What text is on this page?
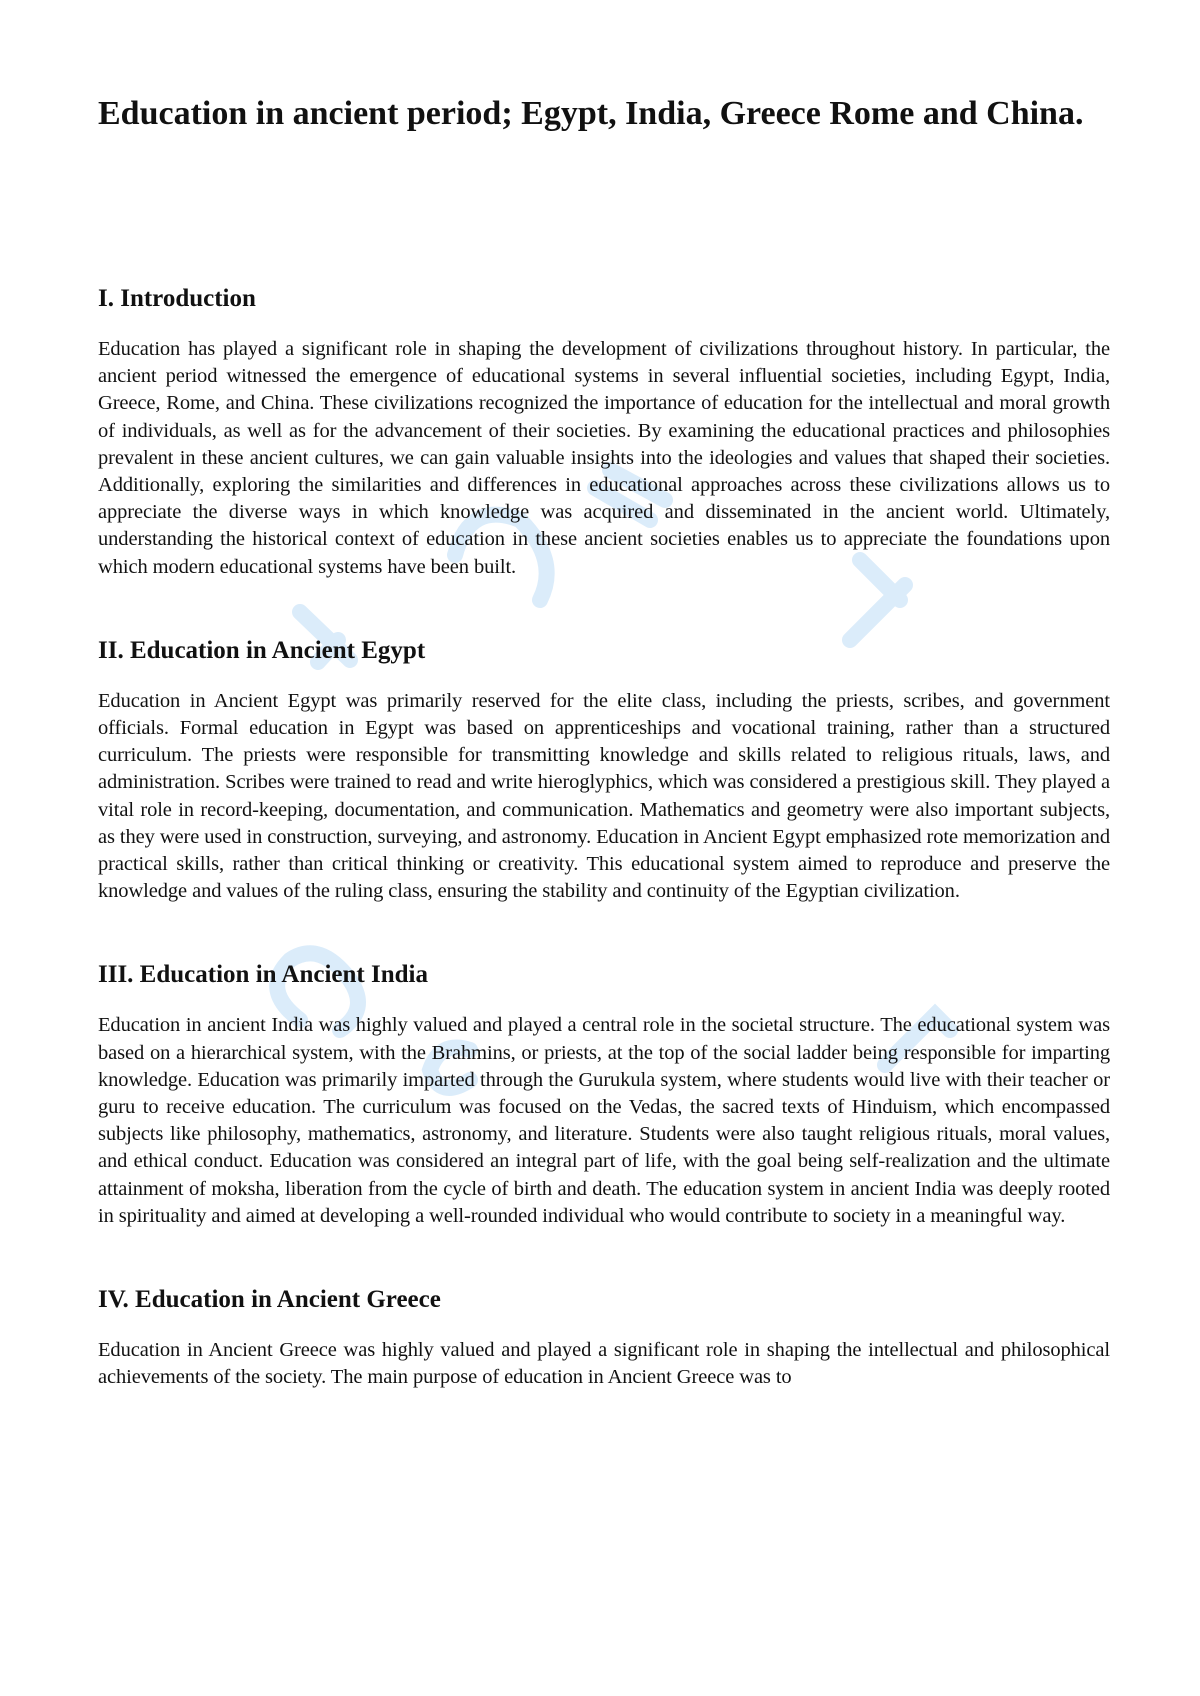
Education in ancient period; Egypt, India, Greece Rome and China.
I. Introduction

Education has played a significant role in shaping the development of civilizations throughout history. In particular, the ancient period witnessed the emergence of educational systems in several influential societies, including Egypt, India, Greece, Rome, and China. These civilizations recognized the importance of education for the intellectual and moral growth of individuals, as well as for the advancement of their societies. By examining the educational practices and philosophies prevalent in these ancient cultures, we can gain valuable insights into the ideologies and values that shaped their societies. Additionally, exploring the similarities and differences in educational approaches across these civilizations allows us to appreciate the diverse ways in which knowledge was acquired and disseminated in the ancient world. Ultimately, understanding the historical context of education in these ancient societies enables us to appreciate the foundations upon which modern educational systems have been built.

II. Education in Ancient Egypt

Education in Ancient Egypt was primarily reserved for the elite class, including the priests, scribes, and government officials. Formal education in Egypt was based on apprenticeships and vocational training, rather than a structured curriculum. The priests were responsible for transmitting knowledge and skills related to religious rituals, laws, and administration. Scribes were trained to read and write hieroglyphics, which was considered a prestigious skill. They played a vital role in record-keeping, documentation, and communication. Mathematics and geometry were also important subjects, as they were used in construction, surveying, and astronomy. Education in Ancient Egypt emphasized rote memorization and practical skills, rather than critical thinking or creativity. This educational system aimed to reproduce and preserve the knowledge and values of the ruling class, ensuring the stability and continuity of the Egyptian civilization.

III. Education in Ancient India

Education in ancient India was highly valued and played a central role in the societal structure. The educational system was based on a hierarchical system, with the Brahmins, or priests, at the top of the social ladder being responsible for imparting knowledge. Education was primarily imparted through the Gurukula system, where students would live with their teacher or guru to receive education. The curriculum was focused on the Vedas, the sacred texts of Hinduism, which encompassed subjects like philosophy, mathematics, astronomy, and literature. Students were also taught religious rituals, moral values, and ethical conduct. Education was considered an integral part of life, with the goal being self-realization and the ultimate attainment of moksha, liberation from the cycle of birth and death. The education system in ancient India was deeply rooted in spirituality and aimed at developing a well-rounded individual who would contribute to society in a meaningful way.

IV. Education in Ancient Greece

Education in Ancient Greece was highly valued and played a significant role in shaping the intellectual and philosophical achievements of the society. The main purpose of education in Ancient Greece was to
